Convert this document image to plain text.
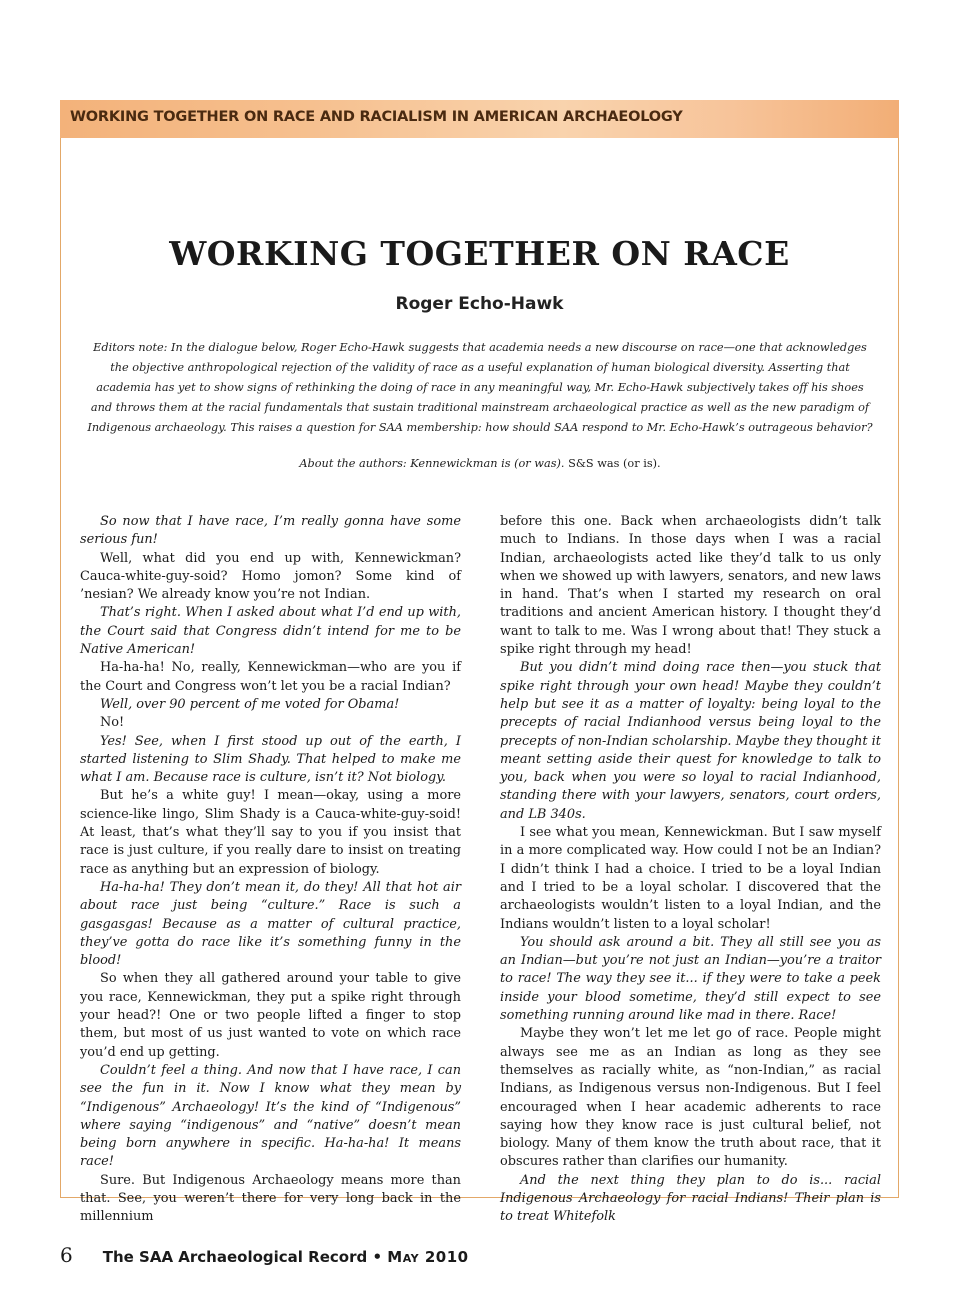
WORKING TOGETHER ON RACE AND RACIALISM IN AMERICAN ARCHAEOLOGY
WORKING TOGETHER ON RACE
Roger Echo-Hawk
Editors note: In the dialogue below, Roger Echo-Hawk suggests that academia needs a new discourse on race—one that acknowledges the objective anthropological rejection of the validity of race as a useful explanation of human biological diversity. Asserting that academia has yet to show signs of rethinking the doing of race in any meaningful way, Mr. Echo-Hawk subjectively takes off his shoes and throws them at the racial fundamentals that sustain traditional mainstream archaeological practice as well as the new paradigm of Indigenous archaeology. This raises a question for SAA membership: how should SAA respond to Mr. Echo-Hawk’s outrageous behavior?
About the authors: Kennewickman is (or was). S&S was (or is).

So now that I have race, I’m really gonna have some serious fun!

Well, what did you end up with, Kennewickman? Cauca-white-guy-soid? Homo jomon? Some kind of ’nesian? We already know you’re not Indian.

That’s right. When I asked about what I’d end up with, the Court said that Congress didn’t intend for me to be Native American!

Ha-ha-ha! No, really, Kennewickman—who are you if the Court and Congress won’t let you be a racial Indian?

Well, over 90 percent of me voted for Obama!

No!

Yes! See, when I first stood up out of the earth, I started listening to Slim Shady. That helped to make me what I am. Because race is culture, isn’t it? Not biology.

But he’s a white guy! I mean—okay, using a more science-like lingo, Slim Shady is a Cauca-white-guy-soid! At least, that’s what they’ll say to you if you insist that race is just culture, if you really dare to insist on treating race as anything but an expression of biology.

Ha-ha-ha! They don’t mean it, do they! All that hot air about race just being “culture.” Race is such a gasgasgas! Because as a matter of cultural practice, they’ve gotta do race like it’s something funny in the blood!

So when they all gathered around your table to give you race, Kennewickman, they put a spike right through your head?! One or two people lifted a finger to stop them, but most of us just wanted to vote on which race you’d end up getting.

Couldn’t feel a thing. And now that I have race, I can see the fun in it. Now I know what they mean by “Indigenous” Archaeology! It’s the kind of “Indigenous” where saying “indigenous” and “native” doesn’t mean being born anywhere in specific. Ha-ha-ha! It means race!

Sure. But Indigenous Archaeology means more than that. See, you weren’t there for very long back in the millennium

before this one. Back when archaeologists didn’t talk much to Indians. In those days when I was a racial Indian, archaeologists acted like they’d talk to us only when we showed up with lawyers, senators, and new laws in hand. That’s when I started my research on oral traditions and ancient American history. I thought they’d want to talk to me. Was I wrong about that! They stuck a spike right through my head!

But you didn’t mind doing race then—you stuck that spike right through your own head! Maybe they couldn’t help but see it as a matter of loyalty: being loyal to the precepts of racial Indianhood versus being loyal to the precepts of non-Indian scholarship. Maybe they thought it meant setting aside their quest for knowledge to talk to you, back when you were so loyal to racial Indianhood, standing there with your lawyers, senators, court orders, and LB 340s.

I see what you mean, Kennewickman. But I saw myself in a more complicated way. How could I not be an Indian? I didn’t think I had a choice. I tried to be a loyal Indian and I tried to be a loyal scholar. I discovered that the archaeologists wouldn’t listen to a loyal Indian, and the Indians wouldn’t listen to a loyal scholar!

You should ask around a bit. They all still see you as an Indian—but you’re not just an Indian—you’re a traitor to race! The way they see it... if they were to take a peek inside your blood sometime, they’d still expect to see something running around like mad in there. Race!

Maybe they won’t let me let go of race. People might always see me as an Indian as long as they see themselves as racially white, as “non-Indian,” as racial Indians, as Indigenous versus non-Indigenous. But I feel encouraged when I hear academic adherents to race saying how they know race is just cultural belief, not biology. Many of them know the truth about race, that it obscures rather than clarifies our humanity.

And the next thing they plan to do is... racial Indigenous Archaeology for racial Indians! Their plan is to treat Whitefolk

6 The SAA Archaeological Record • May 2010
